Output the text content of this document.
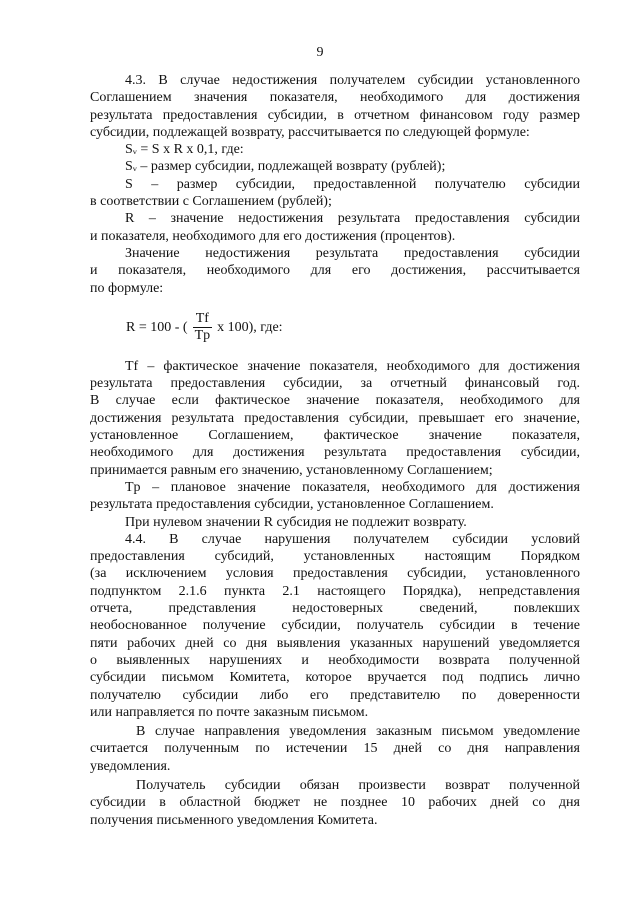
9

4.3. В случае недостижения получателем субсидии установленного

Соглашением значения показателя, необходимого для достижения

результата предоставления субсидии, в отчетном финансовом году размер

субсидии, подлежащей возврату, рассчитывается по следующей формуле:

Sᵥ = S x R x 0,1, где:

Sᵥ – размер субсидии, подлежащей возврату (рублей);

S – размер субсидии, предоставленной получателю субсидии

в соответствии с Соглашением (рублей);

R – значение недостижения результата предоставления субсидии

и показателя, необходимого для его достижения (процентов).

Значение недостижения результата предоставления субсидии

и показателя, необходимого для его достижения, рассчитывается

по формуле:

R = 100 - ( $\frac{Tf}{Tp}$ x 100), где:

Tf – фактическое значение показателя, необходимого для достижения

результата предоставления субсидии, за отчетный финансовый год.

В случае если фактическое значение показателя, необходимого для

достижения результата предоставления субсидии, превышает его значение,

установленное Соглашением, фактическое значение показателя,

необходимого для достижения результата предоставления субсидии,

принимается равным его значению, установленному Соглашением;

Tp – плановое значение показателя, необходимого для достижения

результата предоставления субсидии, установленное Соглашением.

При нулевом значении R субсидия не подлежит возврату.

4.4. В случае нарушения получателем субсидии условий

предоставления субсидий, установленных настоящим Порядком

(за исключением условия предоставления субсидии, установленного

подпунктом 2.1.6 пункта 2.1 настоящего Порядка), непредставления

отчета, представления недостоверных сведений, повлекших

необоснованное получение субсидии, получатель субсидии в течение

пяти рабочих дней со дня выявления указанных нарушений уведомляется

о выявленных нарушениях и необходимости возврата полученной

субсидии письмом Комитета, которое вручается под подпись лично

получателю субсидии либо его представителю по доверенности

или направляется по почте заказным письмом.

В случае направления уведомления заказным письмом уведомление

считается полученным по истечении 15 дней со дня направления

уведомления.

Получатель субсидии обязан произвести возврат полученной

субсидии в областной бюджет не позднее 10 рабочих дней со дня

получения письменного уведомления Комитета.
